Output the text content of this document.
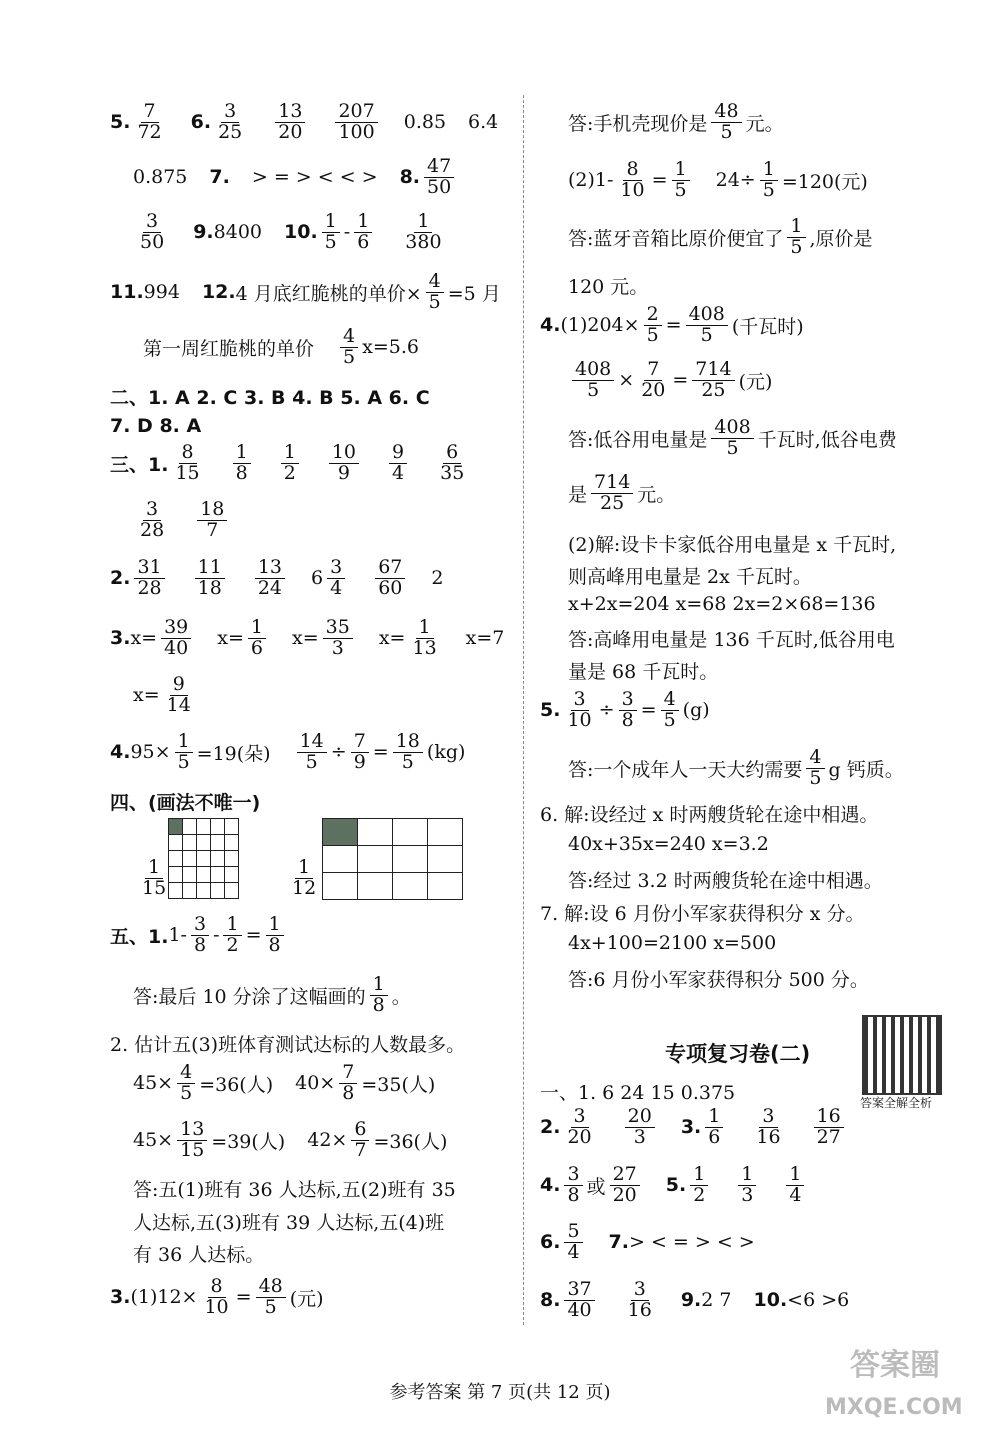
5. $\frac{7}{72} 6$. $\frac{3}{25} \frac{13}{20} \frac{207}{100} 0.85$ 6.4
0.875 7. > = > < < > 8. $\frac{47}{50}$
$\frac{3}{50} 9$. 8400 10. $\frac{1}{5} - \frac{1}{6} \frac{1}{380}$
11. 994 12. 4 月底红脆桃的单价× $\frac{4}{5} =5$ 月
第一周红脆桃的单价 $\frac{4}{5} x=5.6$
二、1. A 2. C 3. B 4. B 5. A 6. C
7. D 8. A
三、1. $\frac{8}{15} \frac{1}{8} \frac{1}{2} \frac{10}{9} \frac{9}{4} \frac{6}{35}$
$\frac{3}{28} \frac{18}{7}$
2. $\frac{31}{28} \frac{11}{18} \frac{13}{24} 6 \frac{3}{4} \frac{67}{60} 2$
3. $x= \frac{39}{40} x= \frac{1}{6} x= \frac{35}{3} x= \frac{1}{13} x=7$
$x= \frac{9}{14}$
4. $95\times \frac{1}{5} =19$(朵) $\frac{14}{5} \div \frac{7}{9} = \frac{18}{5} (kg)$
四、(画法不唯一)

$\frac{1}{15}$	$\frac{1}{12}$
五、1. $1- \frac{3}{8} - \frac{1}{2} = \frac{1}{8}$
答:最后 10 分涂了这幅画的 $\frac{1}{8}$ 。
2. 估计五(3)班体育测试达标的人数最多。
$45\times \frac{4}{5} =36$(人) $40\times \frac{7}{8} =35$(人)
$45\times \frac{13}{15} =39$(人) $42\times \frac{6}{7} =36$(人)
答:五(1)班有 36 人达标,五(2)班有 35
人达标,五(3)班有 39 人达标,五(4)班
有 36 人达标。
3. $(1)12\times \frac{8}{10} = \frac{48}{5}$ (元)
答:手机壳现价是 $\frac{48}{5}$ 元。
$(2)1- \frac{8}{10} = \frac{1}{5} 24\div \frac{1}{5} =120$(元)
答:蓝牙音箱比原价便宜了 $\frac{1}{5}$ ,原价是
120 元。
4. $(1)204\times \frac{2}{5} = \frac{408}{5}$ (千瓦时)
$\frac{408}{5} \times \frac{7}{20} = \frac{714}{25}$ (元)
答:低谷用电量是 $\frac{408}{5}$ 千瓦时,低谷电费
是 $\frac{714}{25}$ 元。
(2)解:设卡卡家低谷用电量是 x 千瓦时,
则高峰用电量是 2x 千瓦时。
x+2x=204 x=68 2x=2×68=136
答:高峰用电量是 136 千瓦时,低谷用电
量是 68 千瓦时。
5. $\frac{3}{10} \div \frac{3}{8} = \frac{4}{5} (g)$
答:一个成年人一天大约需要 $\frac{4}{5}$ g 钙质。
6. 解:设经过 x 时两艘货轮在途中相遇。
40x+35x=240 x=3.2
答:经过 3.2 时两艘货轮在途中相遇。
7. 解:设 6 月份小军家获得积分 x 分。
4x+100=2100 x=500
答:6 月份小军家获得积分 500 分。
专项复习卷(二)
一、1. 6 24 15 0.375
2. $\frac{3}{20} \frac{20}{3} 3$. $\frac{1}{6} \frac{3}{16} \frac{16}{27}$
4. $\frac{3}{8}$ 或 $\frac{27}{20} 5$. $\frac{1}{2} \frac{1}{3} \frac{1}{4}$
6. $\frac{5}{4} 7$. > < = > < >
8. $\frac{37}{40} \frac{3}{16} 9$. 2 7 10. <6 >6
答案全解全析
参考答案 第 7 页(共 12 页)
答案圈
MXQE.COM
